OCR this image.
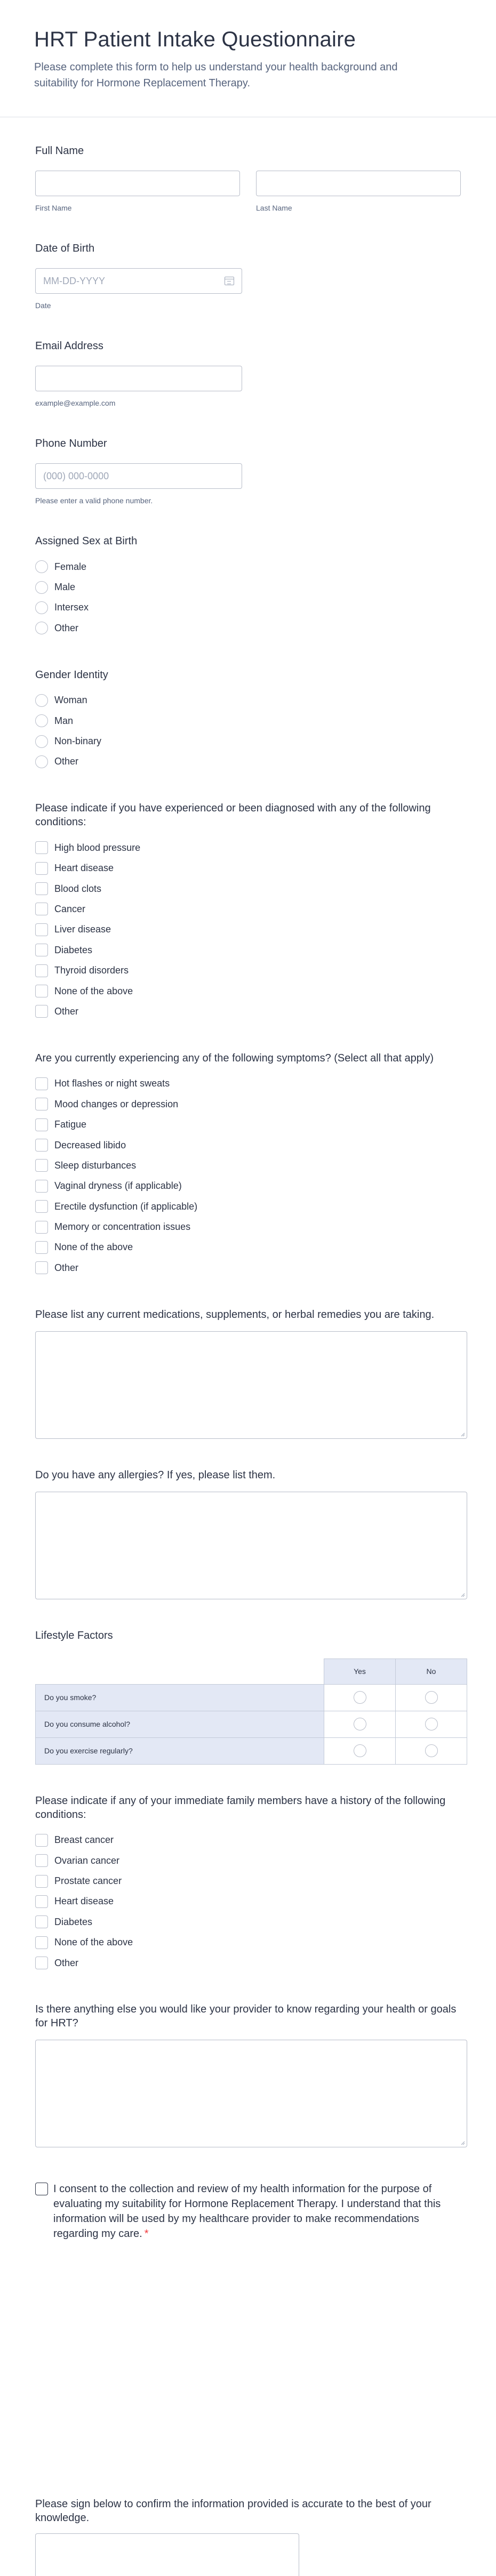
HRT Patient Intake Questionnaire

Please complete this form to help us understand your health background and suitability for Hormone Replacement Therapy.

Full Name
First Name	Last Name
Date of Birth
MM-DD-YYYY
Date
Email Address
example@example.com
Phone Number
(000) 000-0000
Please enter a valid phone number.
Assigned Sex at Birth
Female
Male
Intersex
Other
Gender Identity
Woman
Man
Non-binary
Other
Please indicate if you have experienced or been diagnosed with any of the following conditions:
High blood pressure
Heart disease
Blood clots
Cancer
Liver disease
Diabetes
Thyroid disorders
None of the above
Other
Are you currently experiencing any of the following symptoms? (Select all that apply)
Hot flashes or night sweats
Mood changes or depression
Fatigue
Decreased libido
Sleep disturbances
Vaginal dryness (if applicable)
Erectile dysfunction (if applicable)
Memory or concentration issues
None of the above
Other
Please list any current medications, supplements, or herbal remedies you are taking.
Do you have any allergies? If yes, please list them.
Lifestyle Factors
	Yes	No
Do you smoke?		
Do you consume alcohol?		
Do you exercise regularly?		
Please indicate if any of your immediate family members have a history of the following conditions:
Breast cancer
Ovarian cancer
Prostate cancer
Heart disease
Diabetes
None of the above
Other
Is there anything else you would like your provider to know regarding your health or goals for HRT?
I consent to the collection and review of my health information for the purpose of evaluating my suitability for Hormone Replacement Therapy. I understand that this information will be used by my healthcare provider to make recommendations regarding my care. *
Please sign below to confirm the information provided is accurate to the best of your knowledge.
